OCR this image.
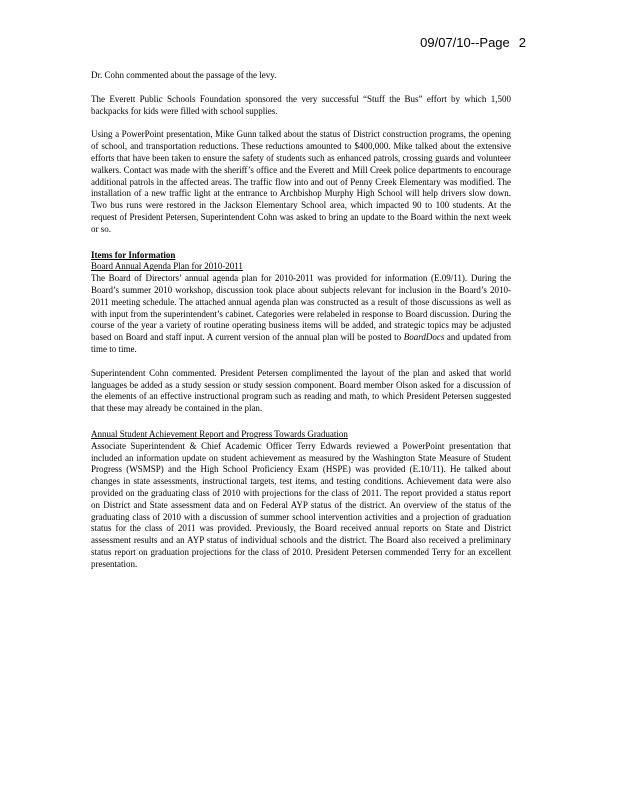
09/07/10--Page 2

Dr. Cohn commented about the passage of the levy.

The Everett Public Schools Foundation sponsored the very successful “Stuff the Bus” effort by which 1,500 backpacks for kids were filled with school supplies.

Using a PowerPoint presentation, Mike Gunn talked about the status of District construction programs, the opening of school, and transportation reductions. These reductions amounted to $400,000. Mike talked about the extensive efforts that have been taken to ensure the safety of students such as enhanced patrols, crossing guards and volunteer walkers. Contact was made with the sheriff’s office and the Everett and Mill Creek police departments to encourage additional patrols in the affected areas. The traffic flow into and out of Penny Creek Elementary was modified. The installation of a new traffic light at the entrance to Archbishop Murphy High School will help drivers slow down. Two bus runs were restored in the Jackson Elementary School area, which impacted 90 to 100 students. At the request of President Petersen, Superintendent Cohn was asked to bring an update to the Board within the next week or so.

Items for Information

Board Annual Agenda Plan for 2010-2011

The Board of Directors’ annual agenda plan for 2010-2011 was provided for information (E.09/11). During the Board’s summer 2010 workshop, discussion took place about subjects relevant for inclusion in the Board’s 2010-2011 meeting schedule. The attached annual agenda plan was constructed as a result of those discussions as well as with input from the superintendent’s cabinet. Categories were relabeled in response to Board discussion. During the course of the year a variety of routine operating business items will be added, and strategic topics may be adjusted based on Board and staff input. A current version of the annual plan will be posted to BoardDocs and updated from time to time.

Superintendent Cohn commented. President Petersen complimented the layout of the plan and asked that world languages be added as a study session or study session component. Board member Olson asked for a discussion of the elements of an effective instructional program such as reading and math, to which President Petersen suggested that these may already be contained in the plan.

Annual Student Achievement Report and Progress Towards Graduation

Associate Superintendent & Chief Academic Officer Terry Edwards reviewed a PowerPoint presentation that included an information update on student achievement as measured by the Washington State Measure of Student Progress (WSMSP) and the High School Proficiency Exam (HSPE) was provided (E.10/11). He talked about changes in state assessments, instructional targets, test items, and testing conditions. Achievement data were also provided on the graduating class of 2010 with projections for the class of 2011. The report provided a status report on District and State assessment data and on Federal AYP status of the district. An overview of the status of the graduating class of 2010 with a discussion of summer school intervention activities and a projection of graduation status for the class of 2011 was provided. Previously, the Board received annual reports on State and District assessment results and an AYP status of individual schools and the district. The Board also received a preliminary status report on graduation projections for the class of 2010. President Petersen commended Terry for an excellent presentation.
